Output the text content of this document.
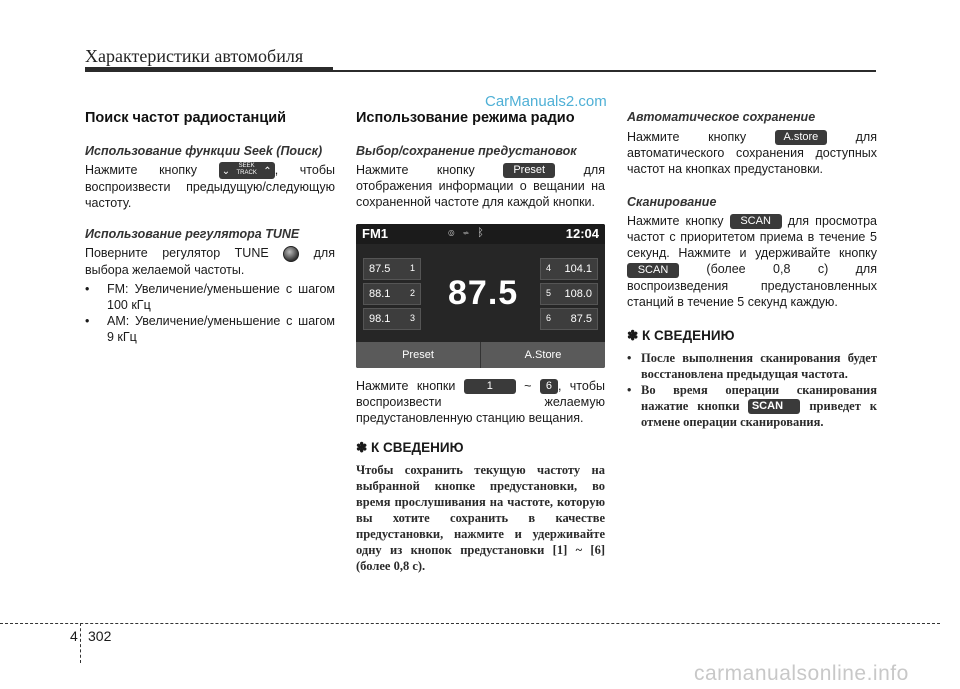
Характеристики автомобиля
CarManuals2.com
Поиск частот радиостанций
Использование функции Seek (Поиск)

Нажмите кнопку ⌄	SEEK
TRACK ⌃ , чтобы воспроизвести предыдущую/следующую частоту.

Использование регулятора TUNE

Поверните регулятор TUNE	для выбора желаемой частоты.

• FM: Увеличение/уменьшение с шагом 100 кГц
• AM: Увеличение/уменьшение с шагом 9 кГц
Использование режима радио
Выбор/сохранение предустановок

Нажмите кнопку	Preset	для отображения информации о вещании на сохраненной частоте для каждой кнопки.

FM1	◎⇌ᛒ	12:04
87.5 1
88.1 2
98.1 3
4 104.1
5 108.0
6 87.5
87.5
Preset	A.Store

Нажмите кнопки	1	~ 6 , чтобы воспроизвести желаемую предустановленную станцию вещания.

✽ К СВЕДЕНИЮ

Чтобы сохранить текущую частоту на выбранной кнопке предустановки, во время прослушивания на частоте, которую вы хотите сохранить в качестве предустановки, нажмите и удерживайте одну из кнопок предустановки [1] ~ [6] (более 0,8 с).

Автоматическое сохранение

Нажмите кнопку	A.store	для автоматического сохранения доступных частот на кнопках предустановки.

Сканирование

Нажмите кнопку SCAN для просмотра частот с приоритетом приема в течение 5 секунд. Нажмите и удерживайте кнопку SCAN	(более 0,8 с) для воспроизведения предустановленных станций в течение 5 секунд каждую.

✽ К СВЕДЕНИЮ
• После выполнения сканирования будет восстановлена предыдущая частота.
• Во время операции сканирования нажатие кнопки SCAN приведет к отмене операции сканирования.
4 302
carmanualsonline.info
